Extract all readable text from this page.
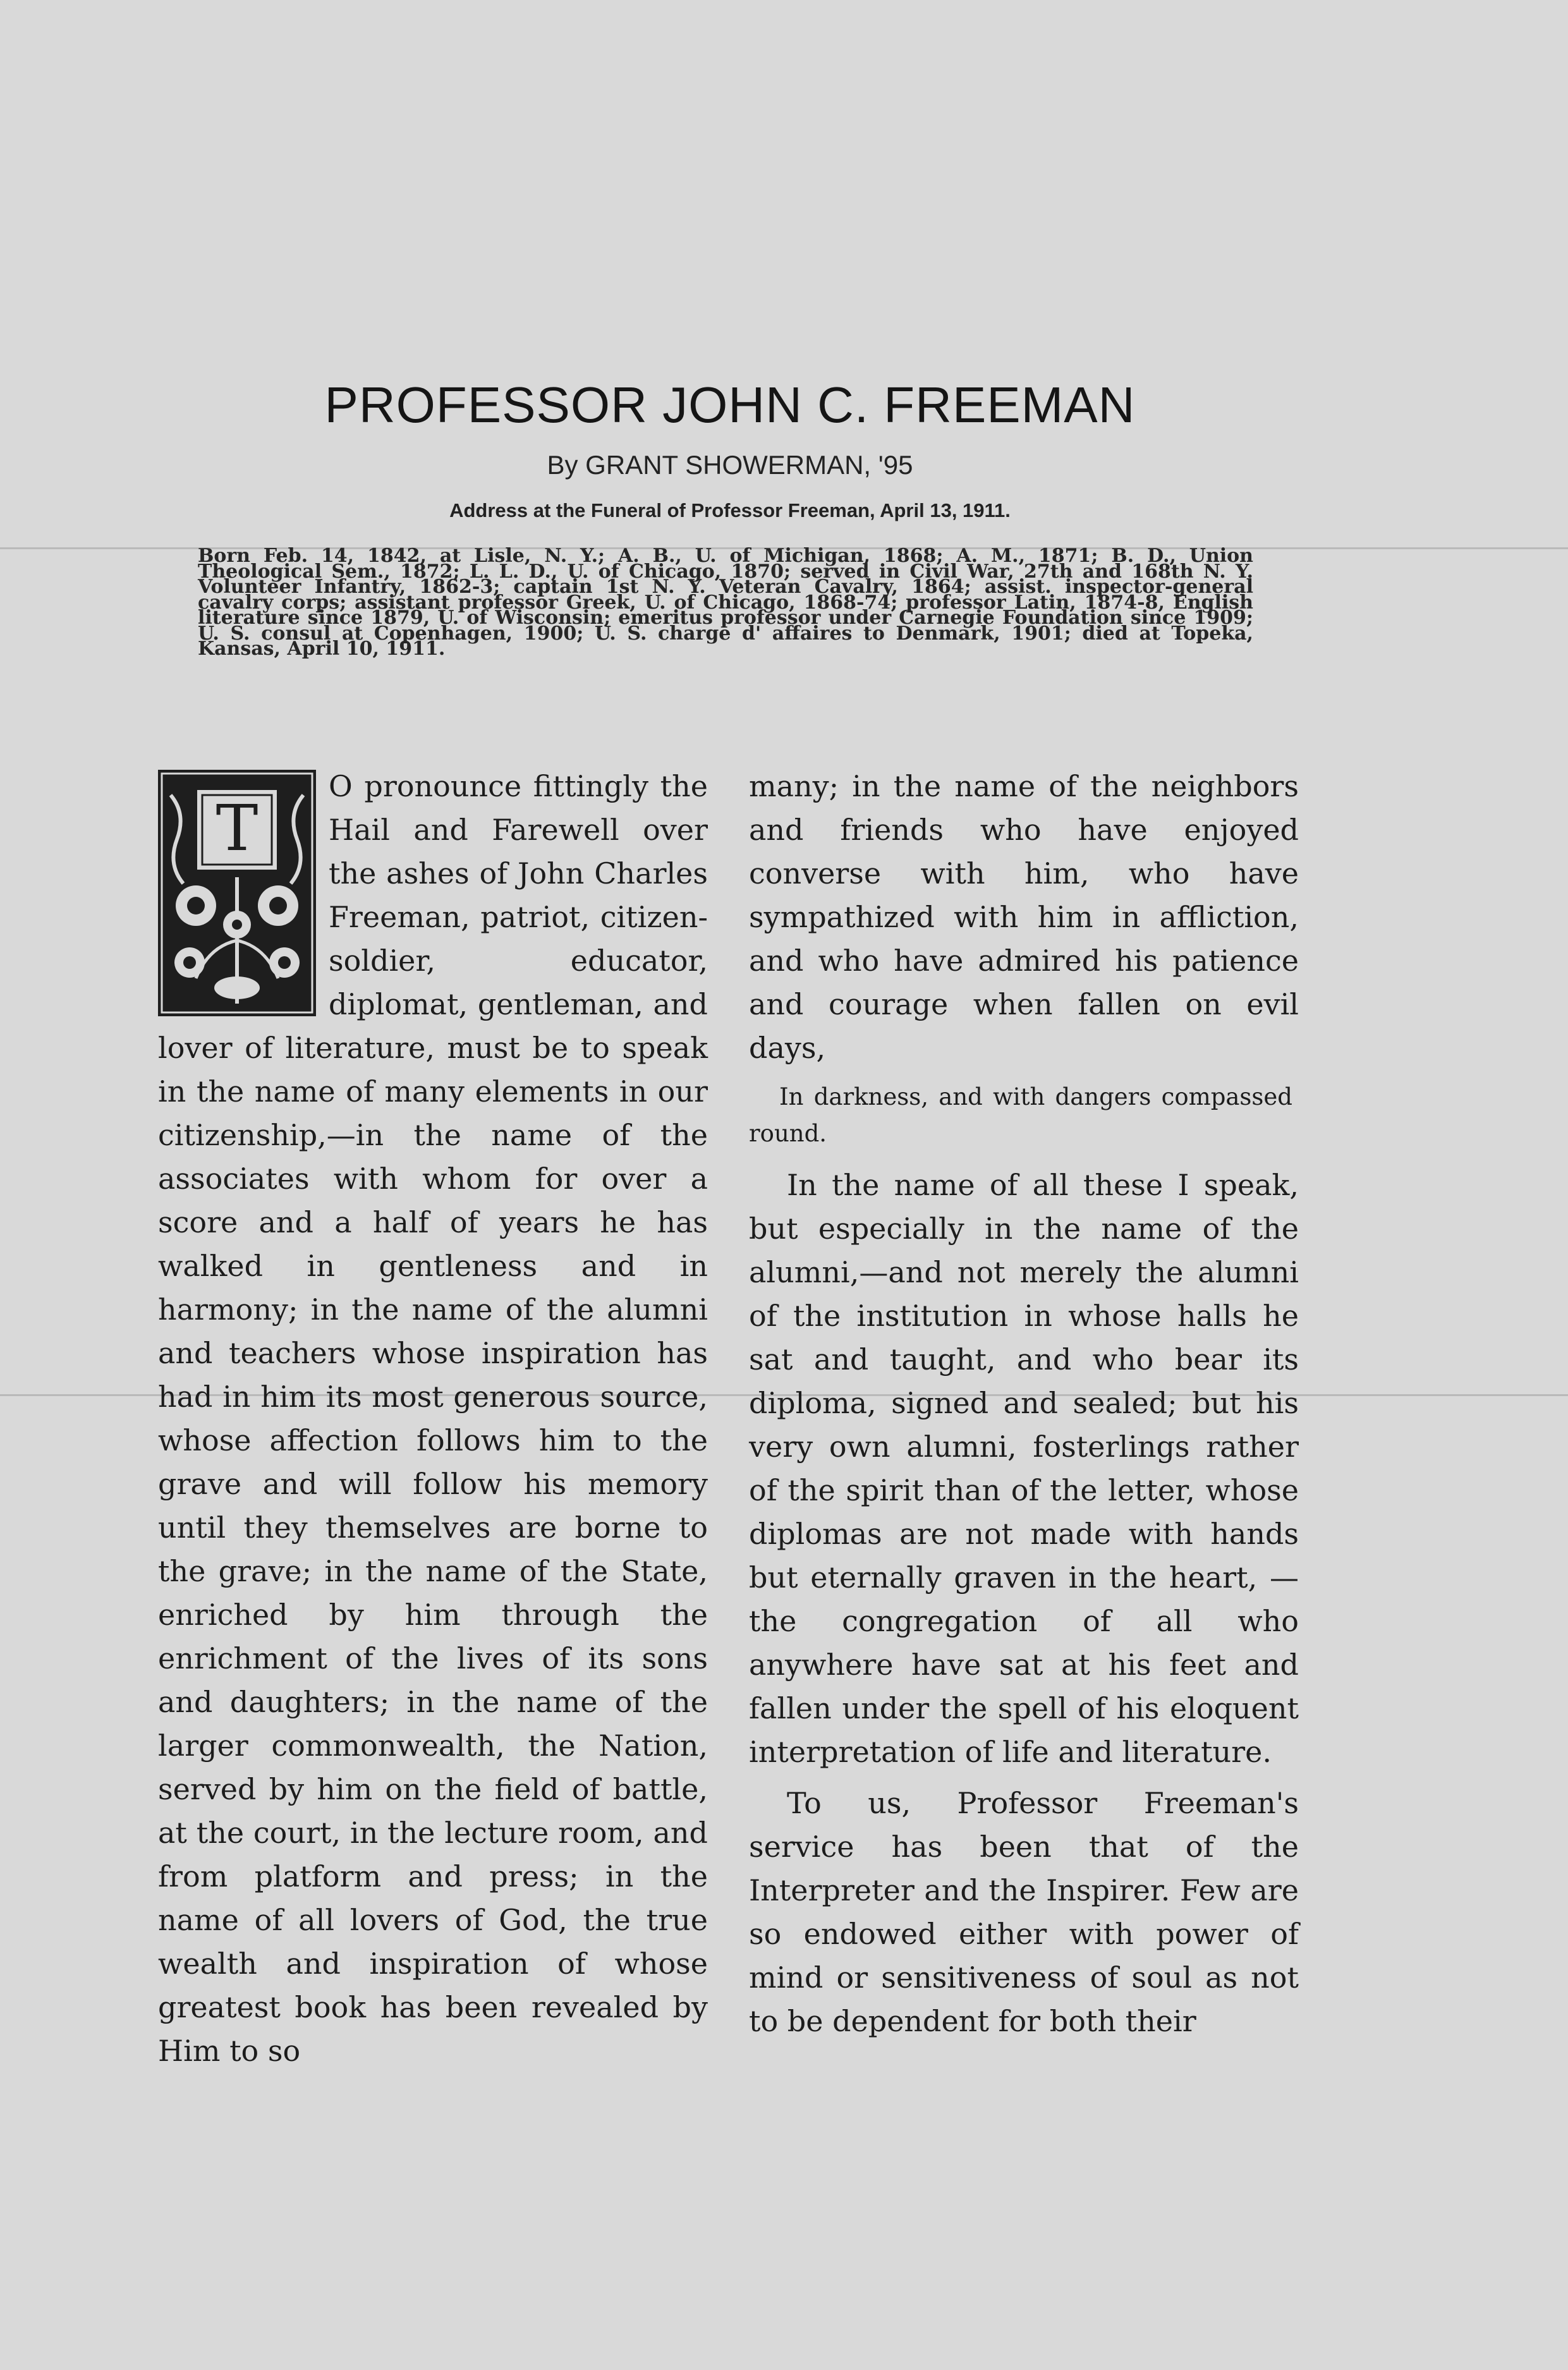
PROFESSOR JOHN C. FREEMAN
By GRANT SHOWERMAN, '95
Address at the Funeral of Professor Freeman, April 13, 1911.

Born Feb. 14, 1842, at Lisle, N. Y.; A. B., U. of Michigan, 1868; A. M., 1871; B. D., Union Theological Sem., 1872; L. L. D., U. of Chicago, 1870; served in Civil War, 27th and 168th N. Y. Volunteer Infantry, 1862-3; captain 1st N. Y. Veteran Cavalry, 1864; assist. inspector-general cavalry corps; assistant professor Greek, U. of Chicago, 1868-74; professor Latin, 1874-8, English literature since 1879, U. of Wisconsin; emeritus professor under Carnegie Foundation since 1909; U. S. consul at Copenhagen, 1900; U. S. charge d' affaires to Denmark, 1901; died at Topeka, Kansas, April 10, 1911.

T

O pronounce fittingly the Hail and Farewell over the ashes of John Charles Freeman, patriot, citizen-soldier, educator, diplomat, gentleman, and lover of literature, must be to speak in the name of many elements in our citizenship,—in the name of the associates with whom for over a score and a half of years he has walked in gentleness and in harmony; in the name of the alumni and teachers whose inspiration has had in him its most generous source, whose affection follows him to the grave and will follow his memory until they themselves are borne to the grave; in the name of the State, enriched by him through the enrichment of the lives of its sons and daughters; in the name of the larger commonwealth, the Nation, served by him on the field of battle, at the court, in the lecture room, and from platform and press; in the name of all lovers of God, the true wealth and inspiration of whose greatest book has been revealed by Him to so

many; in the name of the neighbors and friends who have enjoyed converse with him, who have sympathized with him in affliction, and who have admired his patience and courage when fallen on evil days,

In darkness, and with dangers compassed round.

In the name of all these I speak, but especially in the name of the alumni,—and not merely the alumni of the institution in whose halls he sat and taught, and who bear its diploma, signed and sealed; but his very own alumni, fosterlings rather of the spirit than of the letter, whose diplomas are not made with hands but eternally graven in the heart, —the congregation of all who anywhere have sat at his feet and fallen under the spell of his eloquent interpretation of life and literature.

To us, Professor Freeman's service has been that of the Interpreter and the Inspirer. Few are so endowed either with power of mind or sensitiveness of soul as not to be dependent for both their
